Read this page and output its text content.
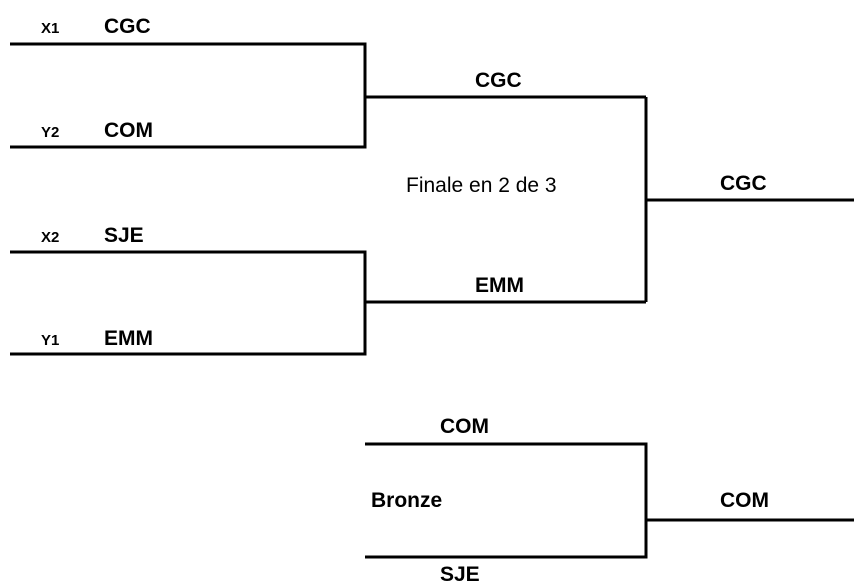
X1 CGC
Y2 COM
X2 SJE
Y1 EMM
CGC
Finale en 2 de 3
EMM
CGC
COM
Bronze	COM
SJE
